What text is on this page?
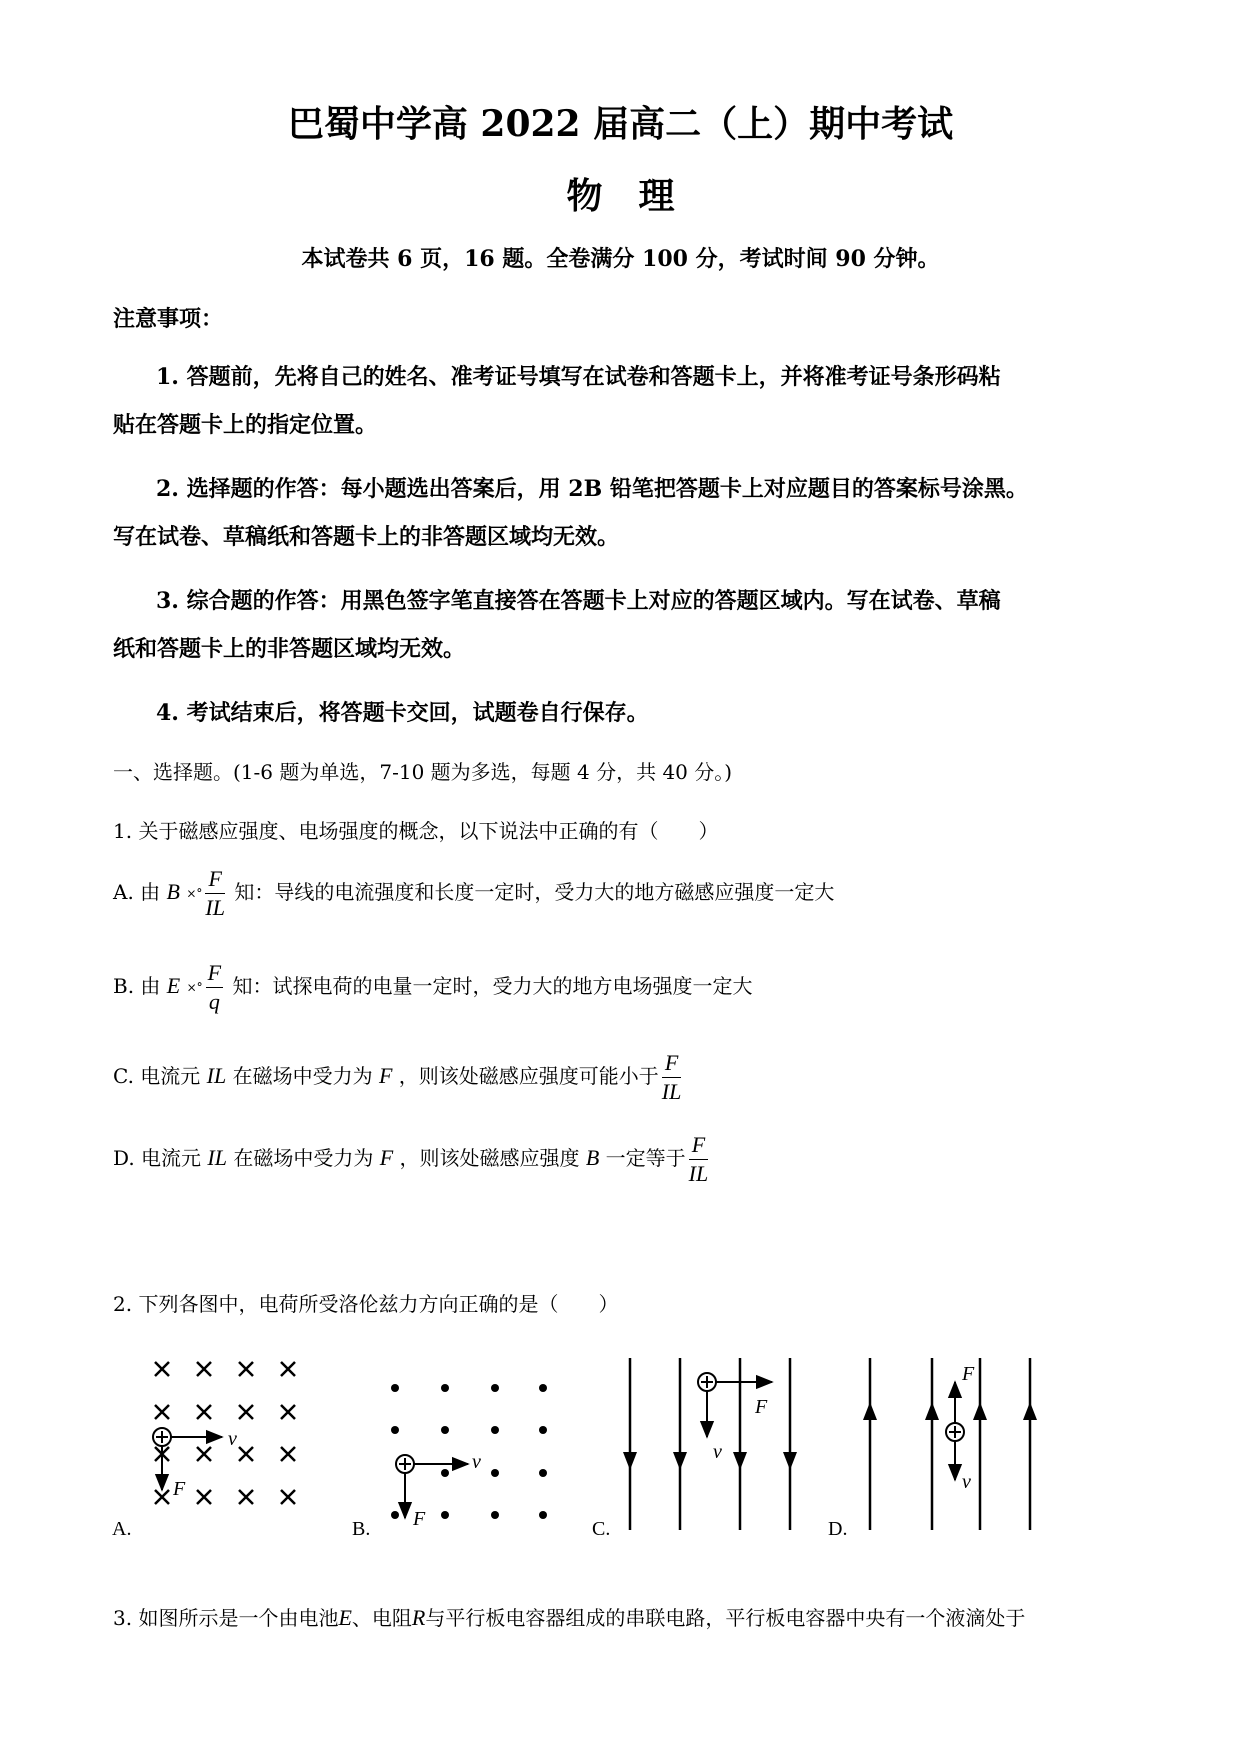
巴蜀中学高 2022 届高二（上）期中考试
物　理
本试卷共 6 页，16 题。全卷满分 100 分，考试时间 90 分钟。
注意事项：
1. 答题前，先将自己的姓名、准考证号填写在试卷和答题卡上，并将准考证号条形码粘
贴在答题卡上的指定位置。
2. 选择题的作答：每小题选出答案后，用 2B 铅笔把答题卡上对应题目的答案标号涂黑。
写在试卷、草稿纸和答题卡上的非答题区域均无效。
3. 综合题的作答：用黑色签字笔直接答在答题卡上对应的答题区域内。写在试卷、草稿
纸和答题卡上的非答题区域均无效。
4. 考试结束后，将答题卡交回，试题卷自行保存。
一、选择题。(1-6 题为单选，7-10 题为多选，每题 4 分，共 40 分。)
1. 关于磁感应强度、电场强度的概念，以下说法中正确的有（　　）
A. 由 B ×° $\frac{F}{IL}$ 知：导线的电流强度和长度一定时，受力大的地方磁感应强度一定大
B. 由 E ×° $\frac{F}{q}$ 知：试探电荷的电量一定时，受力大的地方电场强度一定大
C. 电流元 IL 在磁场中受力为 F ，则该处磁感应强度可能小于 $\frac{F}{IL}$
D. 电流元 IL 在磁场中受力为 F ，则该处磁感应强度 B 一定等于 $\frac{F}{IL}$
2. 下列各图中，电荷所受洛伦兹力方向正确的是（　　）
v
F
A.
v
F
B.
F
v
C.
F
v
D.
3. 如图所示是一个由电池E、电阻R与平行板电容器组成的串联电路，平行板电容器中央有一个液滴处于
